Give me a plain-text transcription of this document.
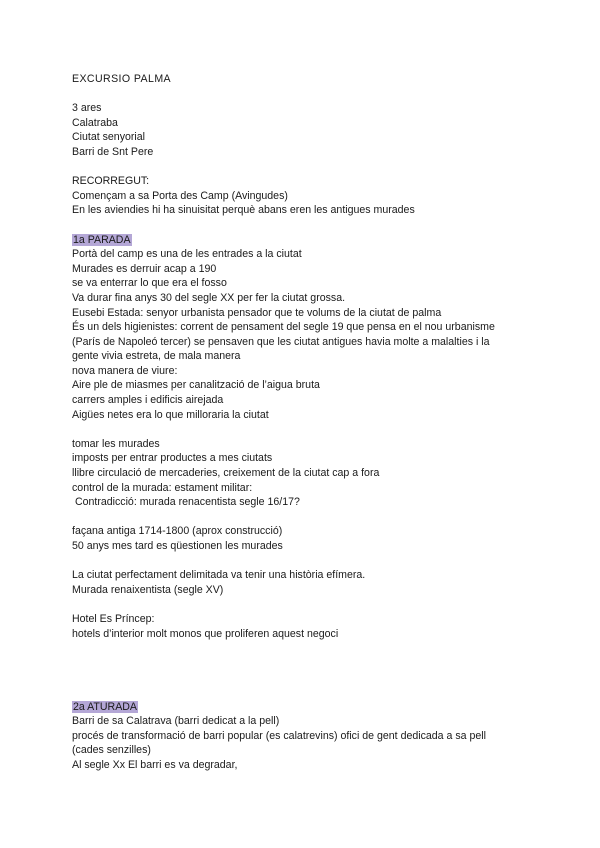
EXCURSIO PALMA
3 ares
Calatraba
Ciutat senyorial
Barri de Snt Pere
RECORREGUT:
Començam a sa Porta des Camp (Avingudes)
En les aviendies hi ha sinuisitat perquè abans eren les antigues murades
1a PARADA
Portà del camp es una de les entrades a la ciutat
Murades es derruir acap a 190
se va enterrar lo que era el fosso
Va durar fina anys 30 del segle XX per fer la ciutat grossa.
Eusebi Estada: senyor urbanista pensador que te volums de la ciutat de palma
És un dels higienistes: corrent de pensament del segle 19 que pensa en el nou urbanisme
(París de Napoleó tercer) se pensaven que les ciutat antigues havia molte a malalties i la
gente vivia estreta, de mala manera
nova manera de viure:
Aire ple de miasmes per canalització de l’aigua bruta
carrers amples i edificis airejada
Aigües netes era lo que milloraria la ciutat
tomar les murades
imposts per entrar productes a mes ciutats
llibre circulació de mercaderies, creixement de la ciutat cap a fora
control de la murada: estament militar:
Contradicció: murada renacentista segle 16/17?
façana antiga 1714-1800 (aprox construcció)
50 anys mes tard es qüestionen les murades
La ciutat perfectament delimitada va tenir una història efímera.
Murada renaixentista (segle XV)
Hotel Es Príncep:
hotels d’interior molt monos que proliferen aquest negoci
2a ATURADA
Barri de sa Calatrava (barri dedicat a la pell)
procés de transformació de barri popular (es calatrevins) ofici de gent dedicada a sa pell
(cades senzilles)
Al segle Xx El barri es va degradar,
